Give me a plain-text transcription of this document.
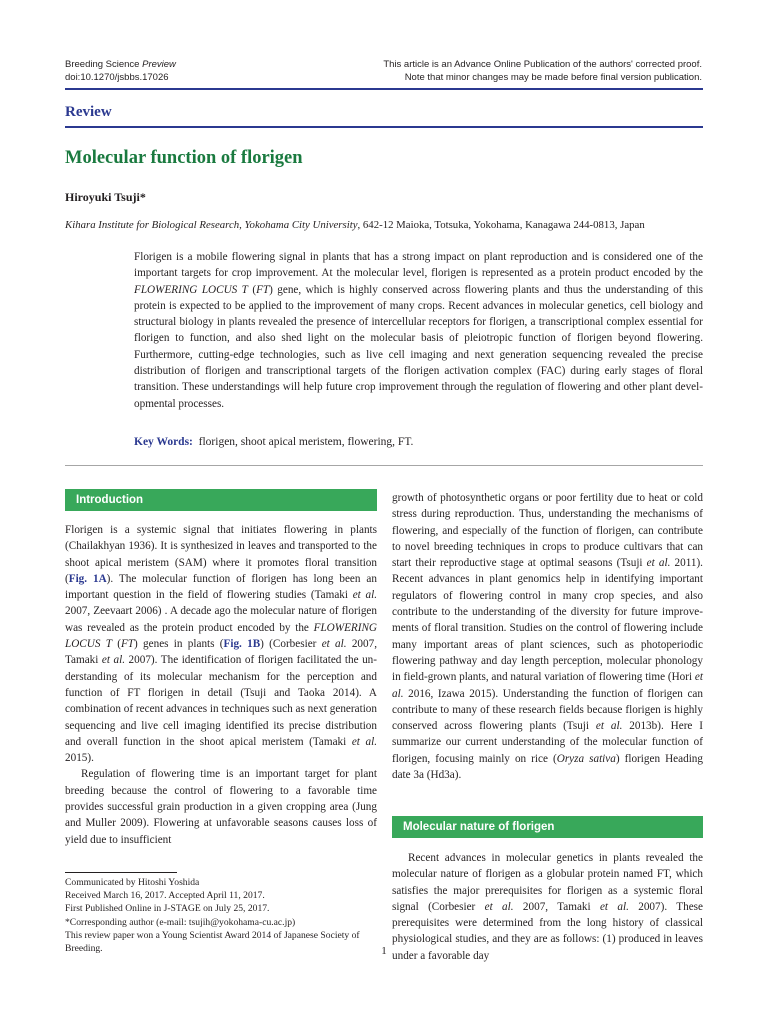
Breeding Science Preview
doi:10.1270/jsbbs.17026
This article is an Advance Online Publication of the authors' corrected proof.
Note that minor changes may be made before final version publication.
Review
Molecular function of florigen
Hiroyuki Tsuji*
Kihara Institute for Biological Research, Yokohama City University, 642-12 Maioka, Totsuka, Yokohama, Kanagawa 244-0813, Japan
Florigen is a mobile flowering signal in plants that has a strong impact on plant reproduction and is considered one of the important targets for crop improvement. At the molecular level, florigen is represented as a protein product encoded by the FLOWERING LOCUS T (FT) gene, which is highly conserved across flowering plants and thus the understanding of this protein is expected to be applied to the improvement of many crops. Recent advances in molecular genetics, cell biology and structural biology in plants revealed the presence of intercellular receptors for florigen, a transcriptional complex essential for florigen to function, and also shed light on the molecular basis of pleiotropic function of florigen beyond flowering. Furthermore, cutting-edge technologies, such as live cell imaging and next generation sequencing revealed the precise distribution of florigen and transcriptional targets of the florigen activation complex (FAC) during early stages of floral transition. These understandings will help future crop improvement through the regulation of flowering and other plant developmental processes.
Key Words: florigen, shoot apical meristem, flowering, FT.
Introduction

Florigen is a systemic signal that initiates flowering in plants (Chailakhyan 1936). It is synthesized in leaves and transported to the shoot apical meristem (SAM) where it promotes floral transition (Fig. 1A). The molecular function of florigen has long been an important question in the field of flowering studies (Tamaki et al. 2007, Zeevaart 2006) . A decade ago the molecular nature of florigen was revealed as the protein product encoded by the FLOWERING LOCUS T (FT) genes in plants (Fig. 1B) (Corbesier et al. 2007, Tamaki et al. 2007). The identification of florigen facilitated the understanding of its molecular mechanism for the perception and function of FT florigen in detail (Tsuji and Taoka 2014). A combination of recent advances in techniques such as next generation sequencing and live cell imaging identified its precise distribution and overall function in the shoot apical meristem (Tamaki et al. 2015).

Regulation of flowering time is an important target for plant breeding because the control of flowering to a favorable time provides successful grain production in a given cropping area (Jung and Muller 2009). Flowering at unfavorable seasons causes loss of yield due to insufficient

Communicated by Hitoshi Yoshida
Received March 16, 2017. Accepted April 11, 2017.
First Published Online in J-STAGE on July 25, 2017.
*Corresponding author (e-mail: tsujih@yokohama-cu.ac.jp)
This review paper won a Young Scientist Award 2014 of Japanese Society of Breeding.

growth of photosynthetic organs or poor fertility due to heat or cold stress during reproduction. Thus, understanding the mechanisms of flowering, and especially of the function of florigen, can contribute to novel breeding techniques in crops to produce cultivars that can start their reproductive stage at optimal seasons (Tsuji et al. 2011). Recent advances in plant genomics help in identifying important regulators of flowering control in many crop species, and also contribute to the understanding of the diversity for future improvements of floral transition. Studies on the control of flowering include many important areas of plant sciences, such as photoperiodic flowering pathway and day length perception, molecular phonology in field-grown plants, and natural variation of flowering time (Hori et al. 2016, Izawa 2015). Understanding the function of florigen can contribute to many of these research fields because florigen is highly conserved across flowering plants (Tsuji et al. 2013b). Here I summarize our current understanding of the molecular function of florigen, focusing mainly on rice (Oryza sativa) florigen Heading date 3a (Hd3a).

Molecular nature of florigen

Recent advances in molecular genetics in plants revealed the molecular nature of florigen as a globular protein named FT, which satisfies the major prerequisites for florigen as a systemic floral signal (Corbesier et al. 2007, Tamaki et al. 2007). These prerequisites were determined from the long history of classical physiological studies, and they are as follows: (1) produced in leaves under a favorable day

1
